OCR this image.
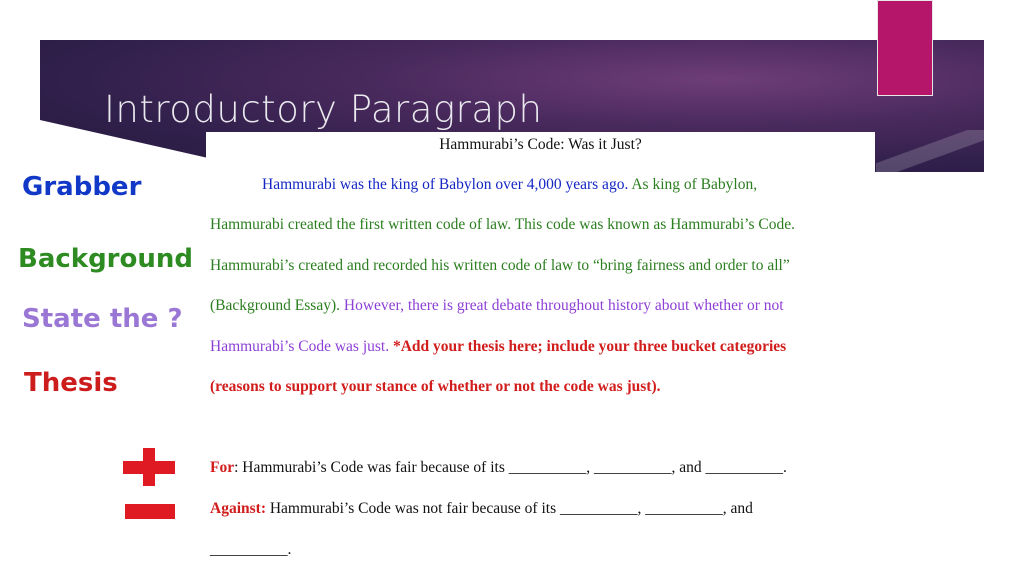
Introductory Paragraph
Grabber
Background
State the ?
Thesis
Hammurabi’s Code: Was it Just?
Hammurabi was the king of Babylon over 4,000 years ago. As king of Babylon,
Hammurabi created the first written code of law. This code was known as Hammurabi’s Code.
Hammurabi’s created and recorded his written code of law to “bring fairness and order to all”
(Background Essay). However, there is great debate throughout history about whether or not
Hammurabi’s Code was just. *Add your thesis here; include your three bucket categories
(reasons to support your stance of whether or not the code was just).
For: Hammurabi’s Code was fair because of its __________, __________, and __________.
Against: Hammurabi’s Code was not fair because of its __________, __________, and
__________.
